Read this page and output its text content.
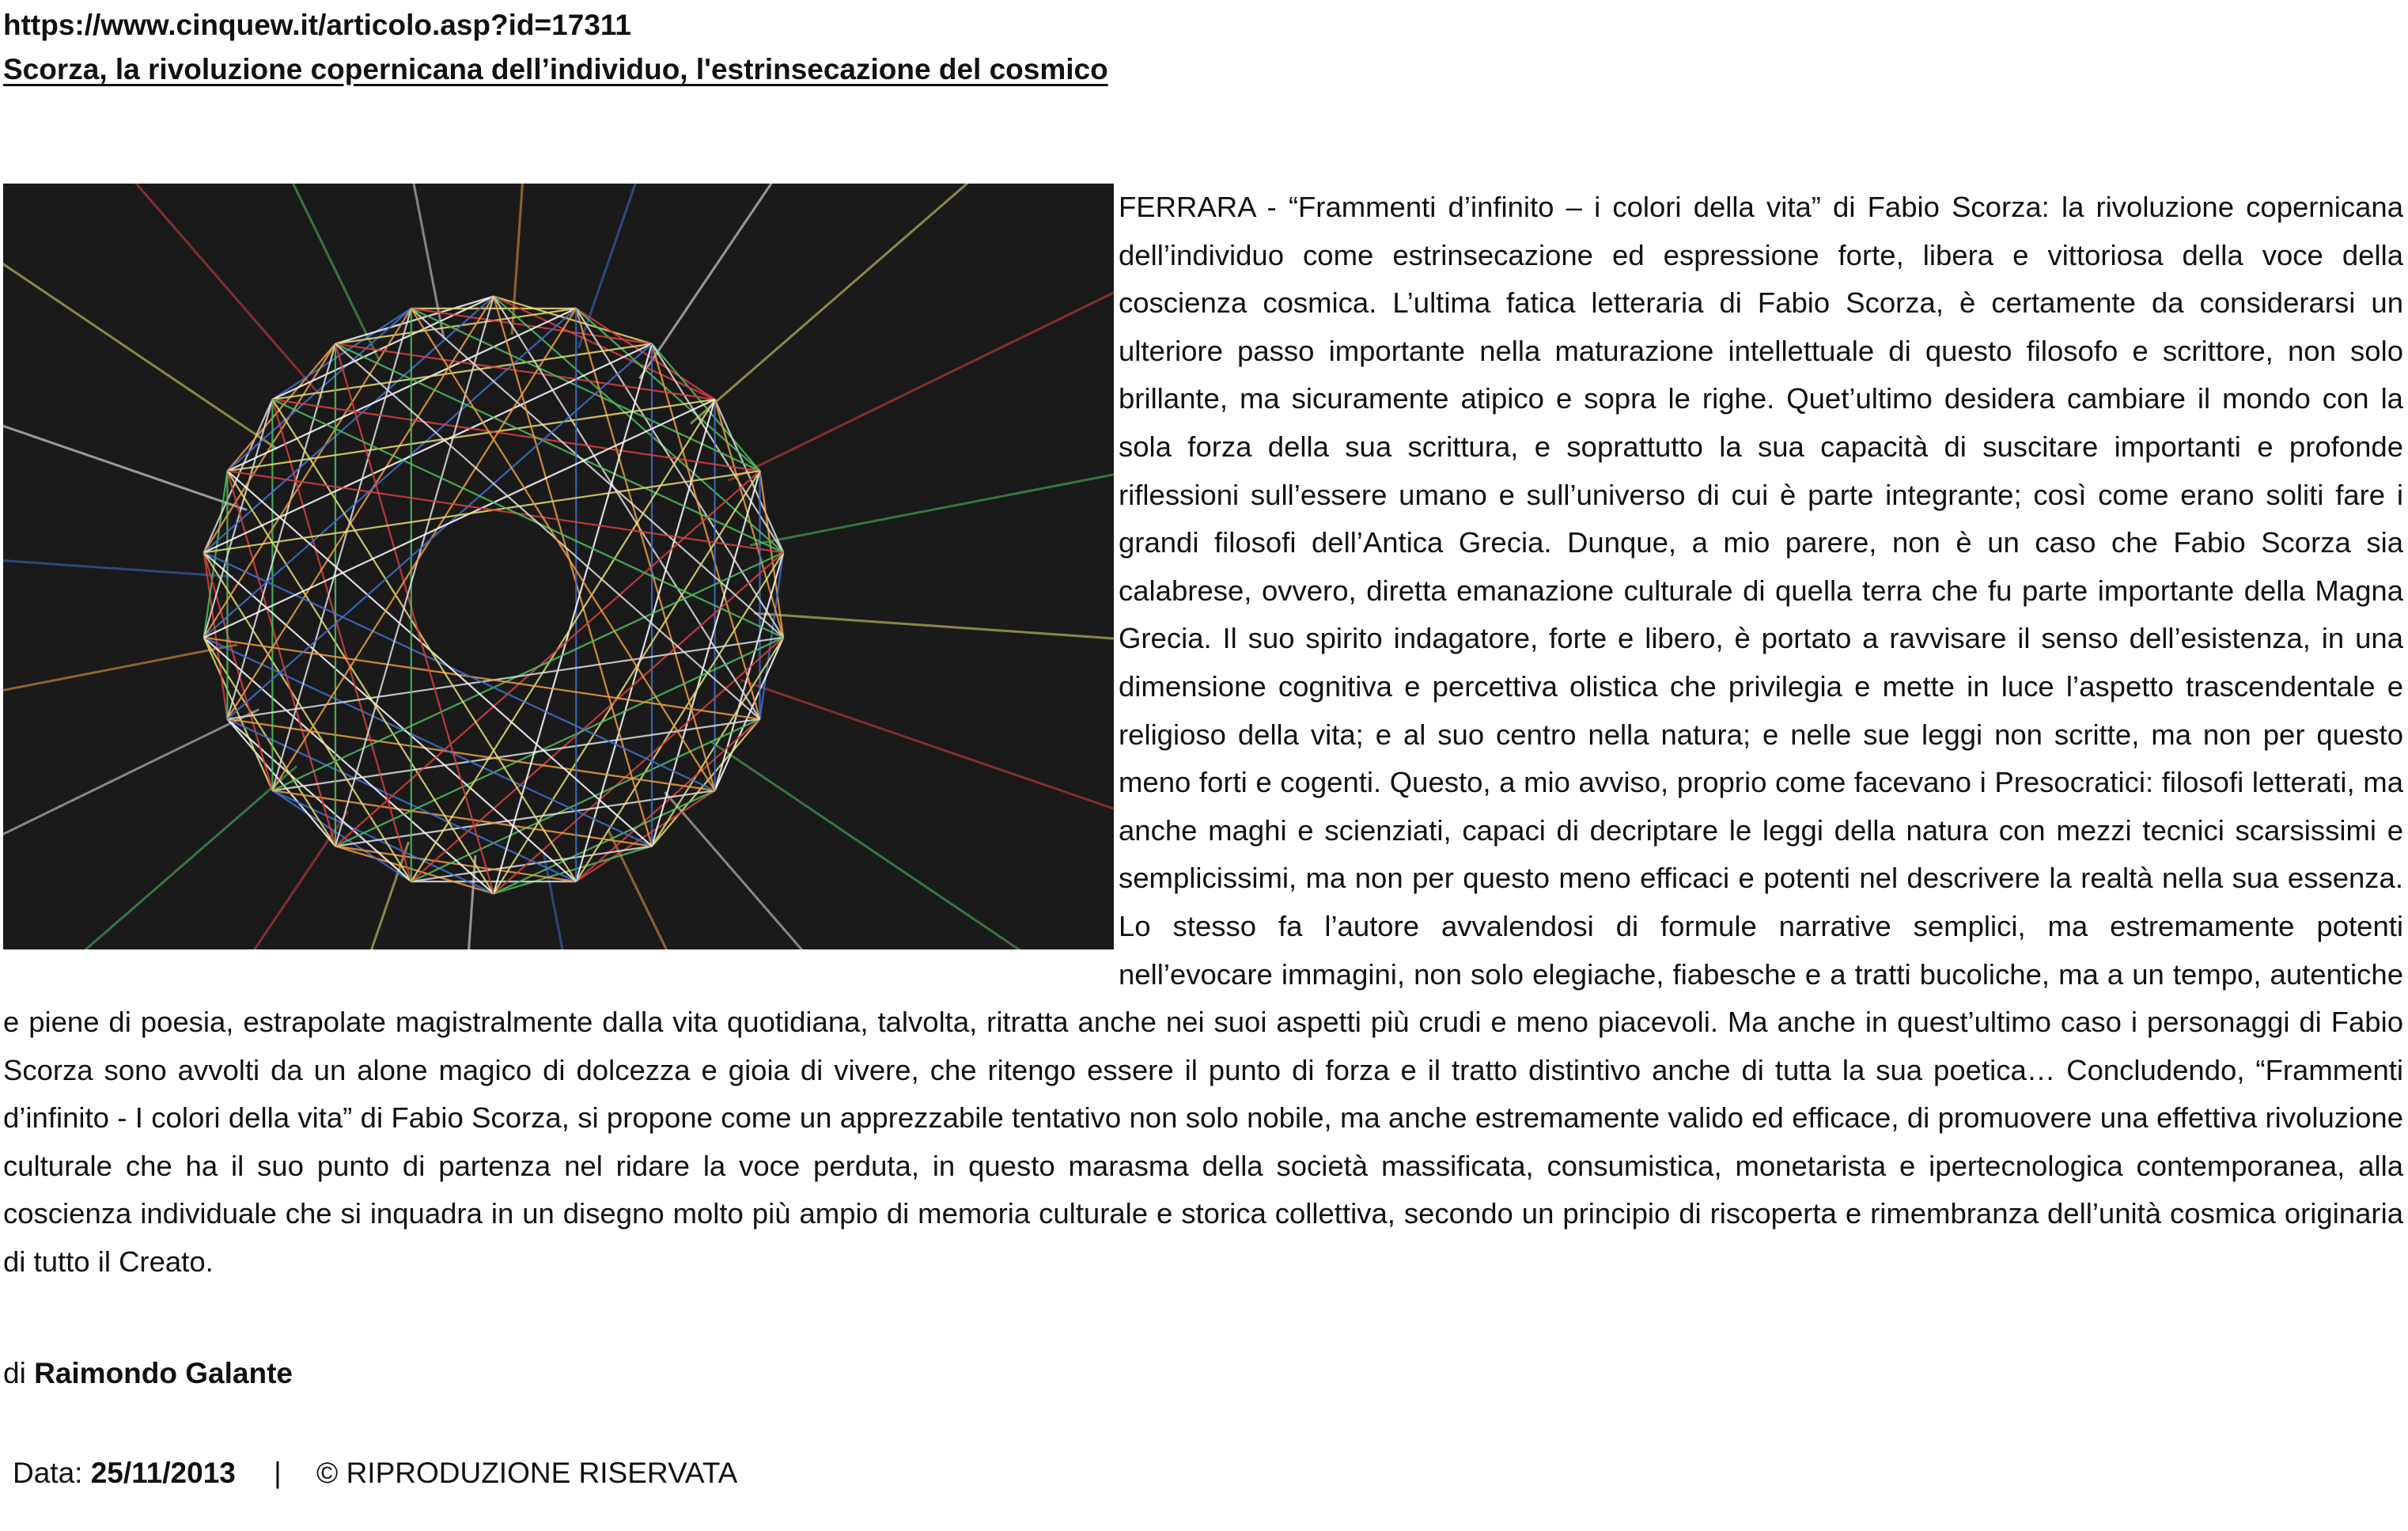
https://www.cinquew.it/articolo.asp?id=17311
Scorza, la rivoluzione copernicana dell’individuo, l'estrinsecazione del cosmico
FERRARA - “Frammenti d’infinito – i colori della vita” di Fabio Scorza: la rivoluzione copernicana dell’individuo come estrinsecazione ed espressione forte, libera e vittoriosa della voce della coscienza cosmica. L’ultima fatica letteraria di Fabio Scorza, è certamente da considerarsi un ulteriore passo importante nella maturazione intellettuale di questo filosofo e scrittore, non solo brillante, ma sicuramente atipico e sopra le righe. Quet’ultimo desidera cambiare il mondo con la sola forza della sua scrittura, e soprattutto la sua capacità di suscitare importanti e profonde riflessioni sull’essere umano e sull’universo di cui è parte integrante; così come erano soliti fare i grandi filosofi dell’Antica Grecia. Dunque, a mio parere, non è un caso che Fabio Scorza sia calabrese, ovvero, diretta emanazione culturale di quella terra che fu parte importante della Magna Grecia. Il suo spirito indagatore, forte e libero, è portato a ravvisare il senso dell’esistenza, in una dimensione cognitiva e percettiva olistica che privilegia e mette in luce l’aspetto trascendentale e religioso della vita; e al suo centro nella natura; e nelle sue leggi non scritte, ma non per questo meno forti e cogenti. Questo, a mio avviso, proprio come facevano i Presocratici: filosofi letterati, ma anche maghi e scienziati, capaci di decriptare le leggi della natura con mezzi tecnici scarsissimi e semplicissimi, ma non per questo meno efficaci e potenti nel descrivere la realtà nella sua essenza. Lo stesso fa l’autore avvalendosi di formule narrative semplici, ma estremamente potenti nell’evocare immagini, non solo elegiache, fiabesche e a tratti bucoliche, ma a un tempo, autentiche e piene di poesia, estrapolate magistralmente dalla vita quotidiana, talvolta, ritratta anche nei suoi aspetti più crudi e meno piacevoli. Ma anche in quest’ultimo caso i personaggi di Fabio Scorza sono avvolti da un alone magico di dolcezza e gioia di vivere, che ritengo essere il punto di forza e il tratto distintivo anche di tutta la sua poetica… Concludendo, “Frammenti d’infinito - I colori della vita” di Fabio Scorza, si propone come un apprezzabile tentativo non solo nobile, ma anche estremamente valido ed efficace, di promuovere una effettiva rivoluzione culturale che ha il suo punto di partenza nel ridare la voce perduta, in questo marasma della società massificata, consumistica, monetarista e ipertecnologica contemporanea, alla coscienza individuale che si inquadra in un disegno molto più ampio di memoria culturale e storica collettiva, secondo un principio di riscoperta e rimembranza dell’unità cosmica originaria di tutto il Creato.
di Raimondo Galante
Data: 25/11/2013 | © RIPRODUZIONE RISERVATA
